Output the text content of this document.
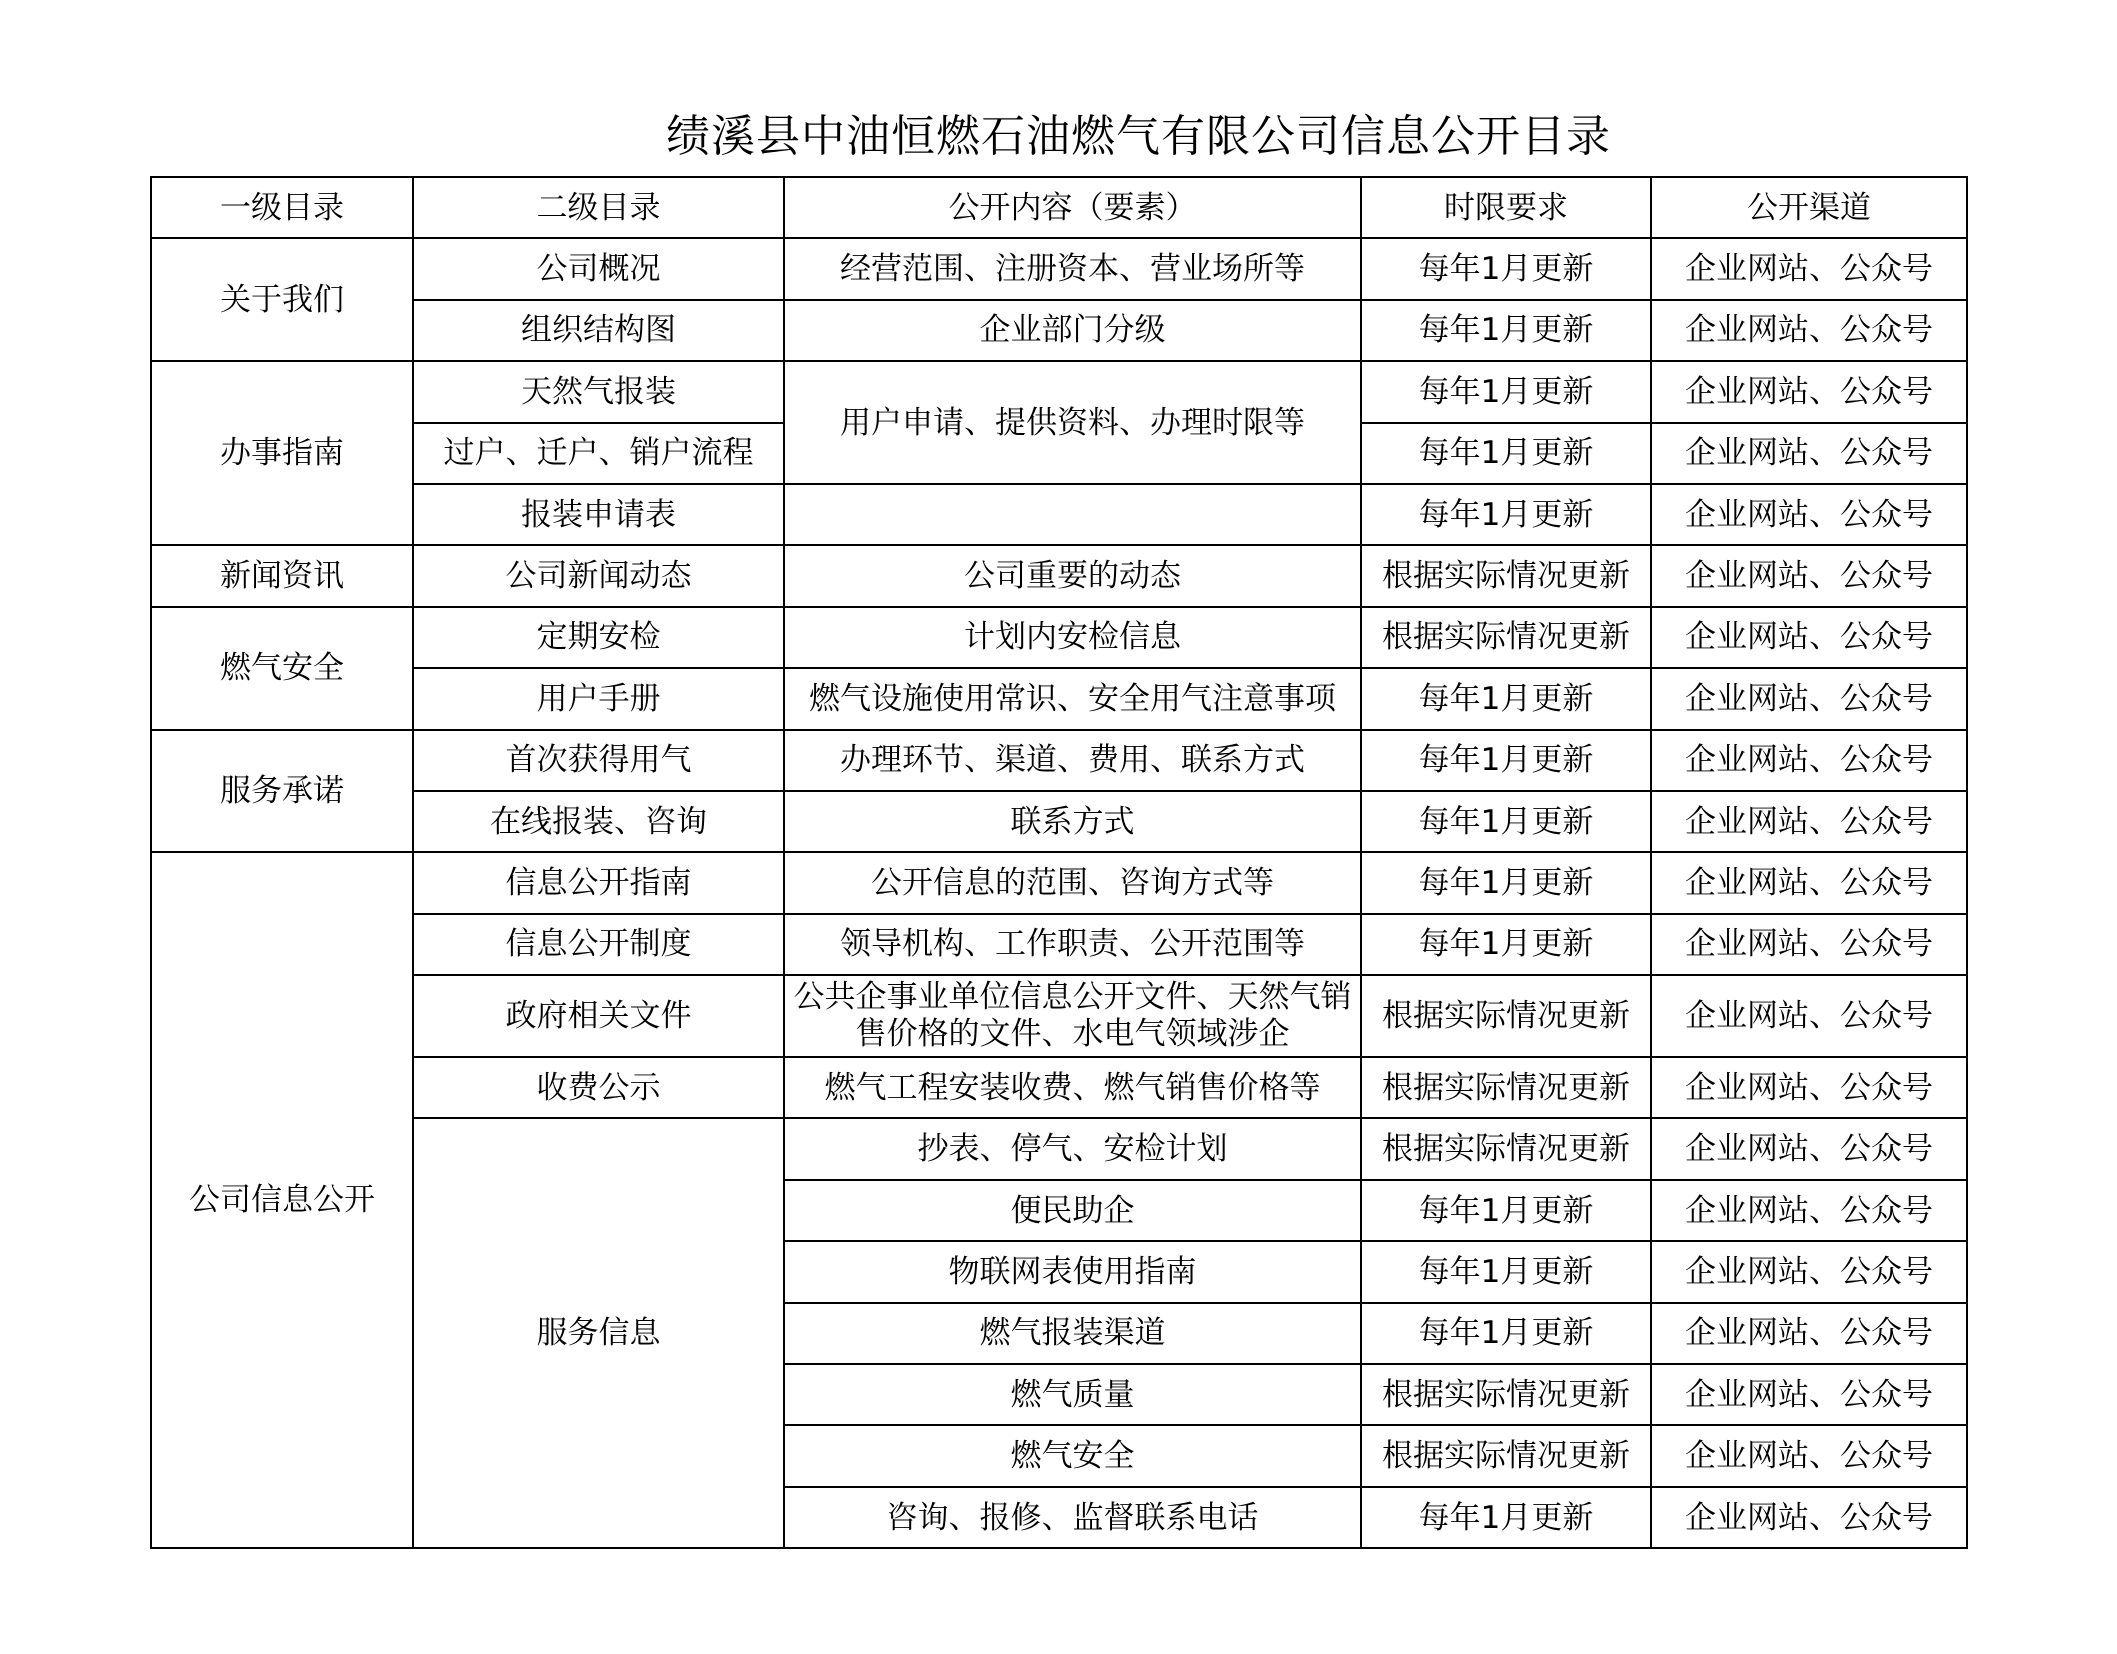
绩溪县中油恒燃石油燃气有限公司信息公开目录
一级目录	二级目录	公开内容（要素）	时限要求	公开渠道
关于我们	公司概况	经营范围、注册资本、营业场所等	每年1月更新	企业网站、公众号
	组织结构图	企业部门分级	每年1月更新	企业网站、公众号
办事指南	天然气报装	用户申请、提供资料、办理时限等	每年1月更新	企业网站、公众号
	过户、迁户、销户流程		每年1月更新	企业网站、公众号
	报装申请表		每年1月更新	企业网站、公众号
新闻资讯	公司新闻动态	公司重要的动态	根据实际情况更新	企业网站、公众号
燃气安全	定期安检	计划内安检信息	根据实际情况更新	企业网站、公众号
	用户手册	燃气设施使用常识、安全用气注意事项	每年1月更新	企业网站、公众号
服务承诺	首次获得用气	办理环节、渠道、费用、联系方式	每年1月更新	企业网站、公众号
	在线报装、咨询	联系方式	每年1月更新	企业网站、公众号
公司信息公开	信息公开指南	公开信息的范围、咨询方式等	每年1月更新	企业网站、公众号
	信息公开制度	领导机构、工作职责、公开范围等	每年1月更新	企业网站、公众号
	政府相关文件	公共企事业单位信息公开文件、天然气销售价格的文件、水电气领域涉企	根据实际情况更新	企业网站、公众号
	收费公示	燃气工程安装收费、燃气销售价格等	根据实际情况更新	企业网站、公众号
	服务信息	抄表、停气、安检计划	根据实际情况更新	企业网站、公众号
		便民助企	每年1月更新	企业网站、公众号
		物联网表使用指南	每年1月更新	企业网站、公众号
		燃气报装渠道	每年1月更新	企业网站、公众号
		燃气质量	根据实际情况更新	企业网站、公众号
		燃气安全	根据实际情况更新	企业网站、公众号
		咨询、报修、监督联系电话	每年1月更新	企业网站、公众号
